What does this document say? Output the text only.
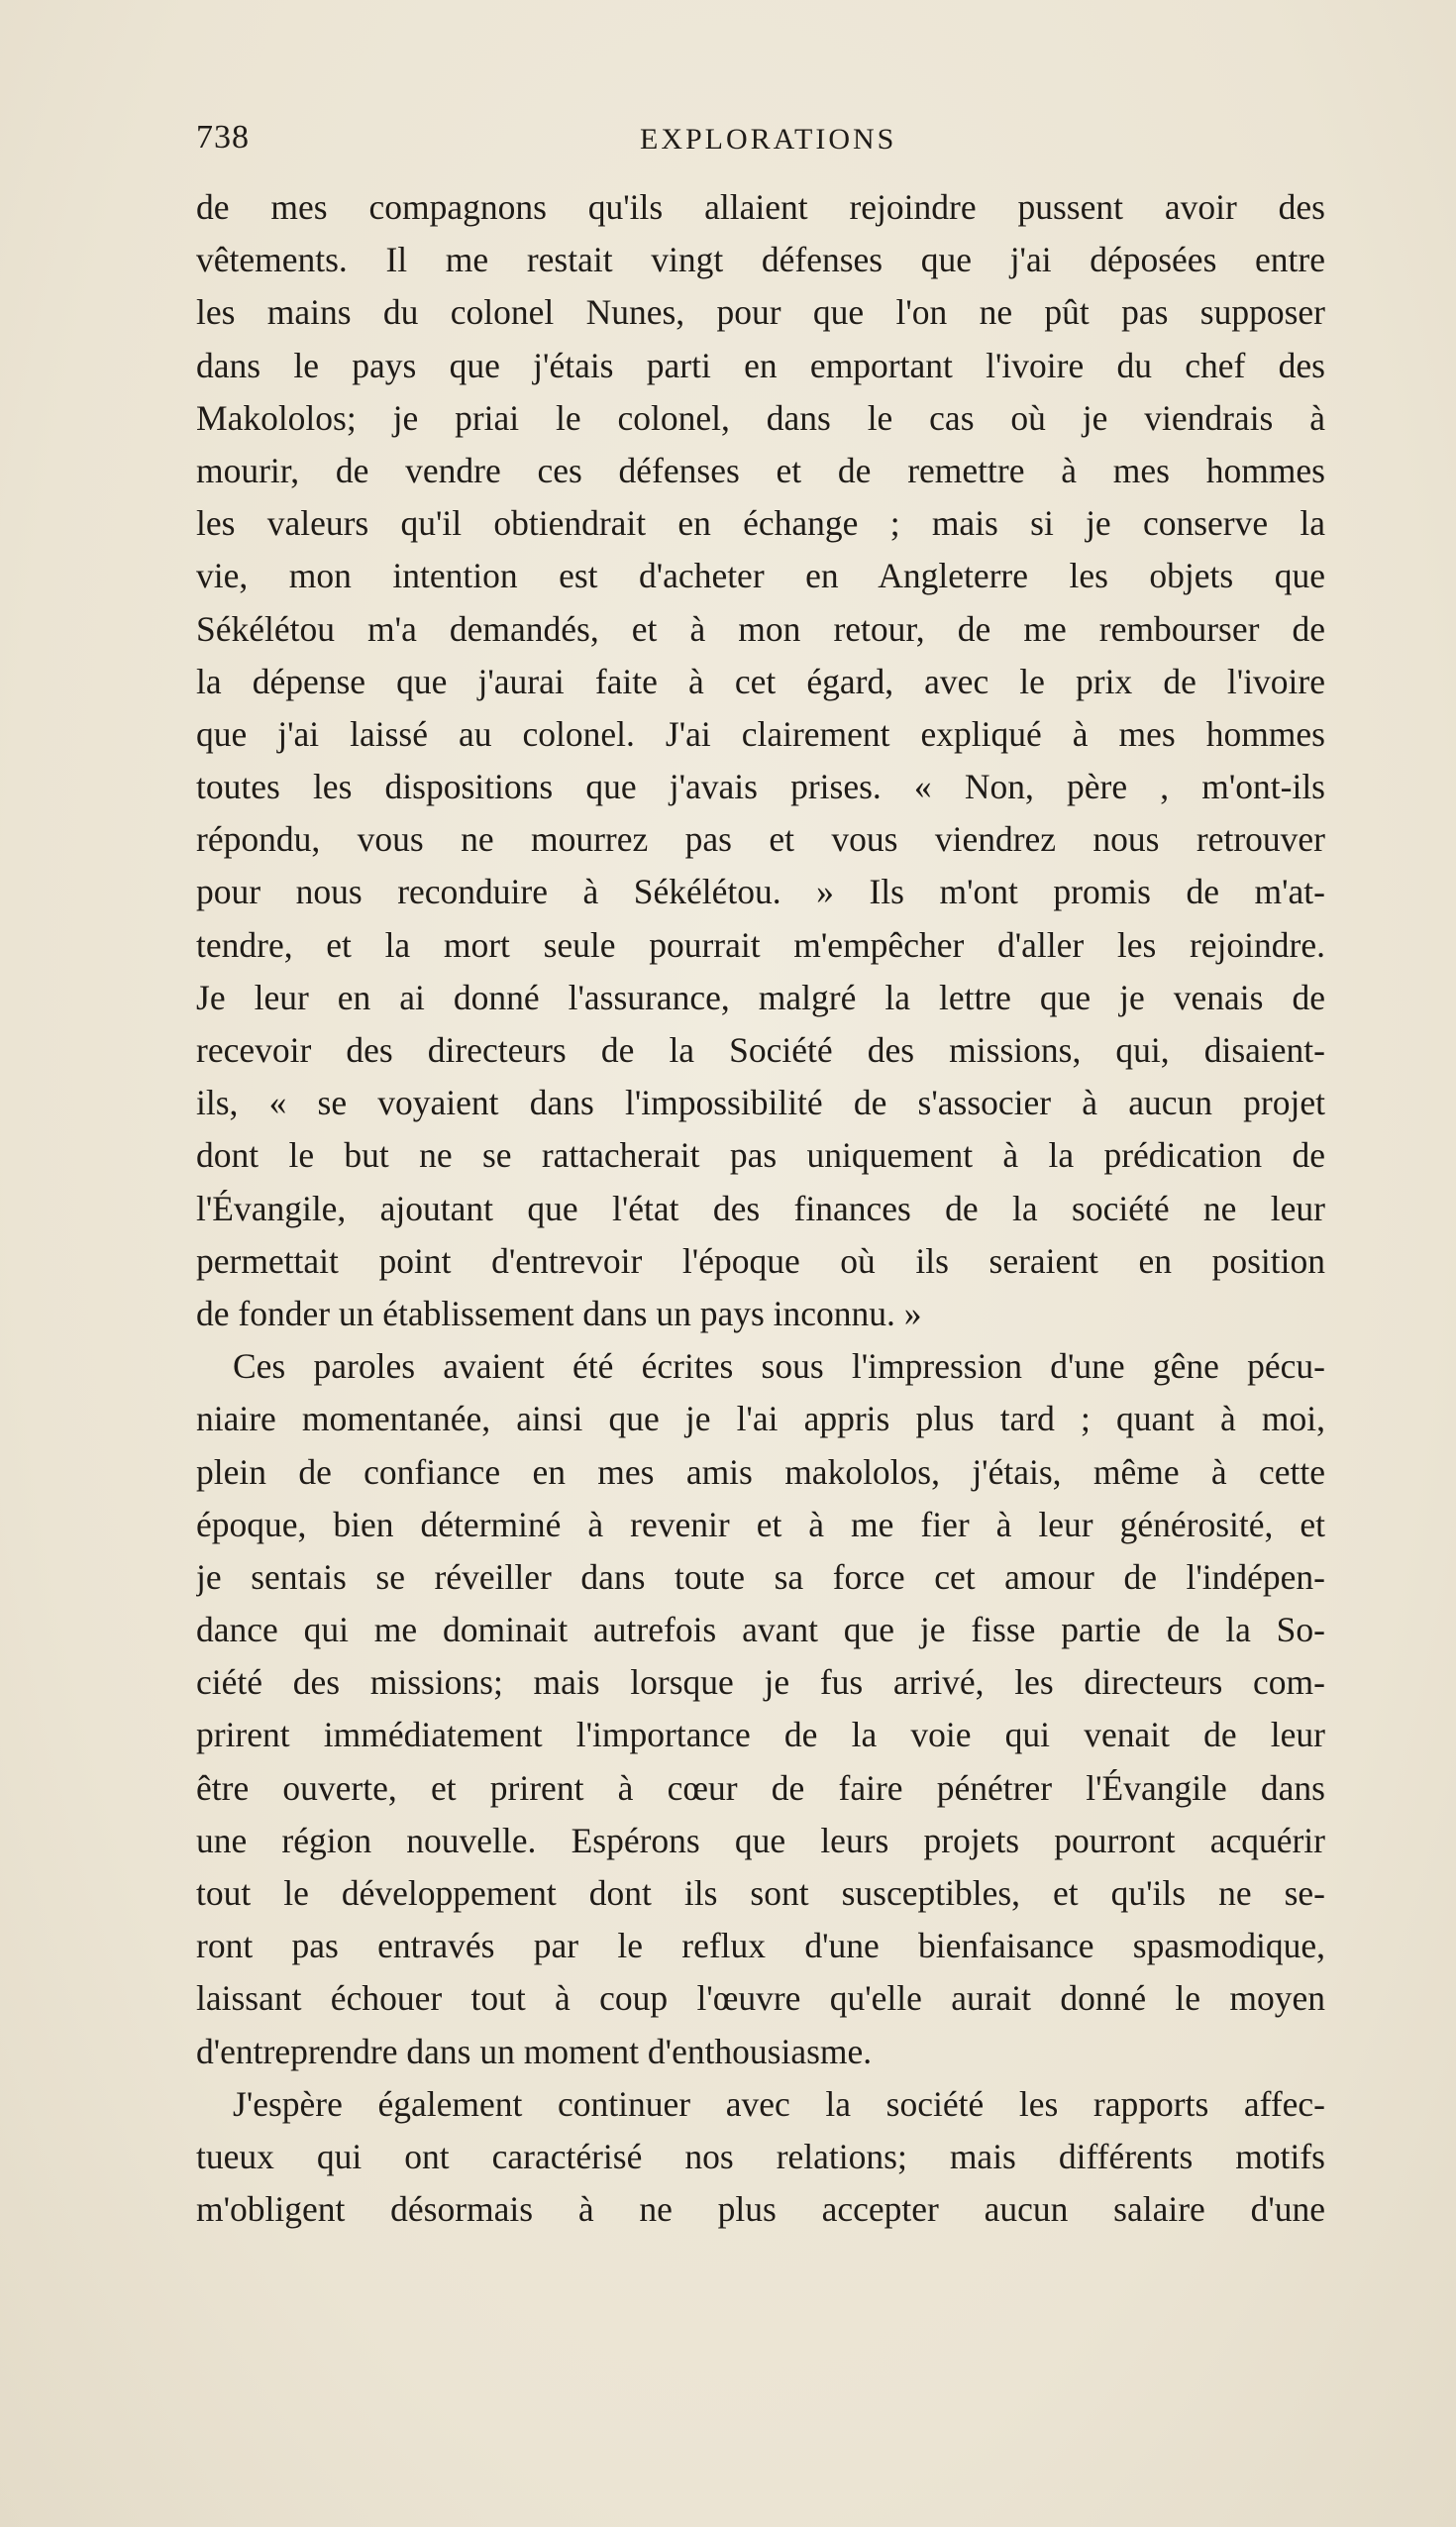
738	EXPLORATIONS
de mes compagnons qu'ils allaient rejoindre pussent avoir des
vêtements. Il me restait vingt défenses que j'ai déposées entre
les mains du colonel Nunes, pour que l'on ne pût pas supposer
dans le pays que j'étais parti en emportant l'ivoire du chef des
Makololos; je priai le colonel, dans le cas où je viendrais à
mourir, de vendre ces défenses et de remettre à mes hommes
les valeurs qu'il obtiendrait en échange ; mais si je conserve la
vie, mon intention est d'acheter en Angleterre les objets que
Sékélétou m'a demandés, et à mon retour, de me rembourser de
la dépense que j'aurai faite à cet égard, avec le prix de l'ivoire
que j'ai laissé au colonel. J'ai clairement expliqué à mes hommes
toutes les dispositions que j'avais prises. « Non, père , m'ont-ils
répondu, vous ne mourrez pas et vous viendrez nous retrouver
pour nous reconduire à Sékélétou. » Ils m'ont promis de m'at-
tendre, et la mort seule pourrait m'empêcher d'aller les rejoindre.
Je leur en ai donné l'assurance, malgré la lettre que je venais de
recevoir des directeurs de la Société des missions, qui, disaient-
ils, « se voyaient dans l'impossibilité de s'associer à aucun projet
dont le but ne se rattacherait pas uniquement à la prédication de
l'Évangile, ajoutant que l'état des finances de la société ne leur
permettait point d'entrevoir l'époque où ils seraient en position
de fonder un établissement dans un pays inconnu. »
Ces paroles avaient été écrites sous l'impression d'une gêne pécu-
niaire momentanée, ainsi que je l'ai appris plus tard ; quant à moi,
plein de confiance en mes amis makololos, j'étais, même à cette
époque, bien déterminé à revenir et à me fier à leur générosité, et
je sentais se réveiller dans toute sa force cet amour de l'indépen-
dance qui me dominait autrefois avant que je fisse partie de la So-
ciété des missions; mais lorsque je fus arrivé, les directeurs com-
prirent immédiatement l'importance de la voie qui venait de leur
être ouverte, et prirent à cœur de faire pénétrer l'Évangile dans
une région nouvelle. Espérons que leurs projets pourront acquérir
tout le développement dont ils sont susceptibles, et qu'ils ne se-
ront pas entravés par le reflux d'une bienfaisance spasmodique,
laissant échouer tout à coup l'œuvre qu'elle aurait donné le moyen
d'entreprendre dans un moment d'enthousiasme.
J'espère également continuer avec la société les rapports affec-
tueux qui ont caractérisé nos relations; mais différents motifs
m'obligent désormais à ne plus accepter aucun salaire d'une
